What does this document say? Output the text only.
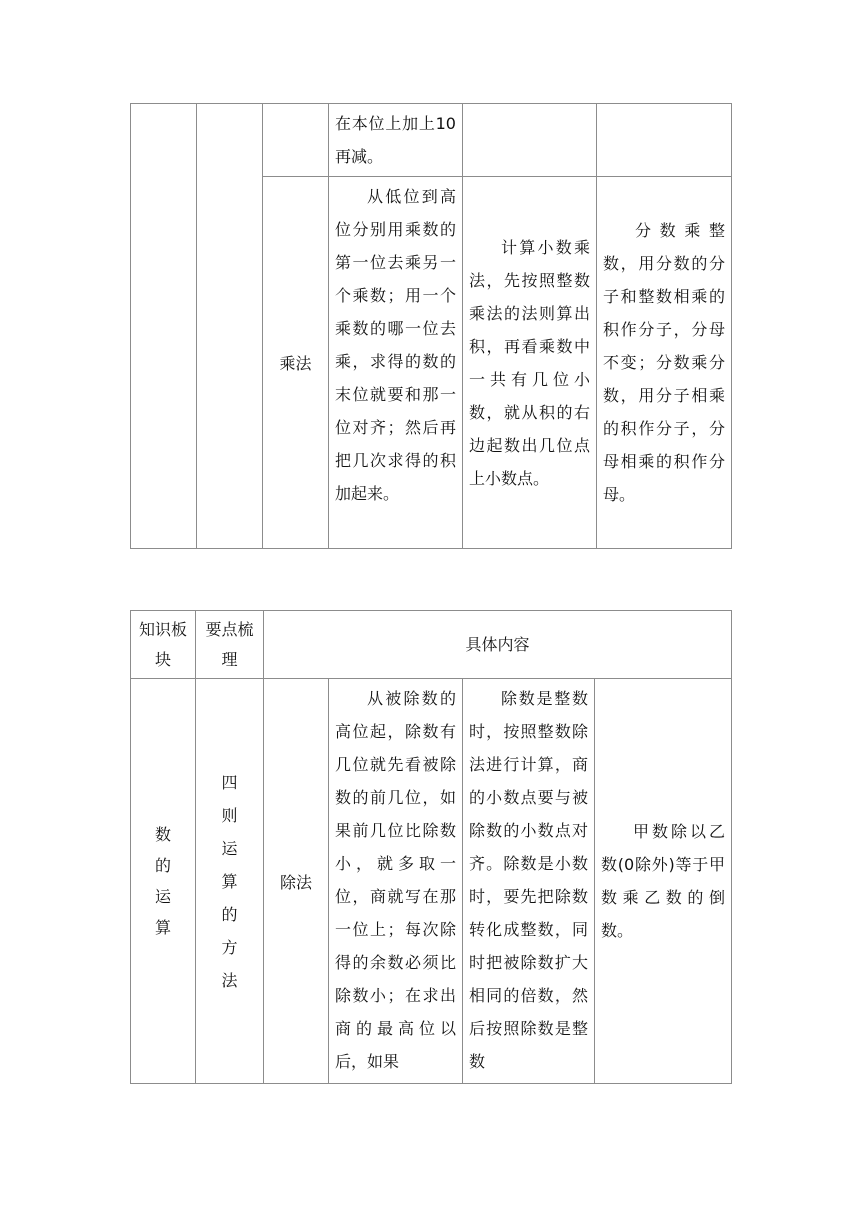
			在本位上加上10再减。		

		乘法	从低位到高位分别用乘数的第一位去乘另一个乘数；用一个乘数的哪一位去乘，求得的数的末位就要和那一位对齐；然后再把几次求得的积加起来。	计算小数乘法，先按照整数乘法的法则算出积，再看乘数中一共有几位小数，就从积的右边起数出几位点上小数点。	分数乘整数，用分数的分子和整数相乘的积作分子，分母不变；分数乘分数，用分子相乘的积作分子，分母相乘的积作分母。
知识板块	要点梳理	具体内容			

数的运算	四则运算的方法	除法	从被除数的高位起，除数有几位就先看被除数的前几位，如果前几位比除数小，就多取一位，商就写在那一位上；每次除得的余数必须比除数小；在求出商的最高位以后，如果	除数是整数时，按照整数除法进行计算，商的小数点要与被除数的小数点对齐。除数是小数时，要先把除数转化成整数，同时把被除数扩大相同的倍数，然后按照除数是整数	甲数除以乙数(0除外)等于甲数乘乙数的倒数。
